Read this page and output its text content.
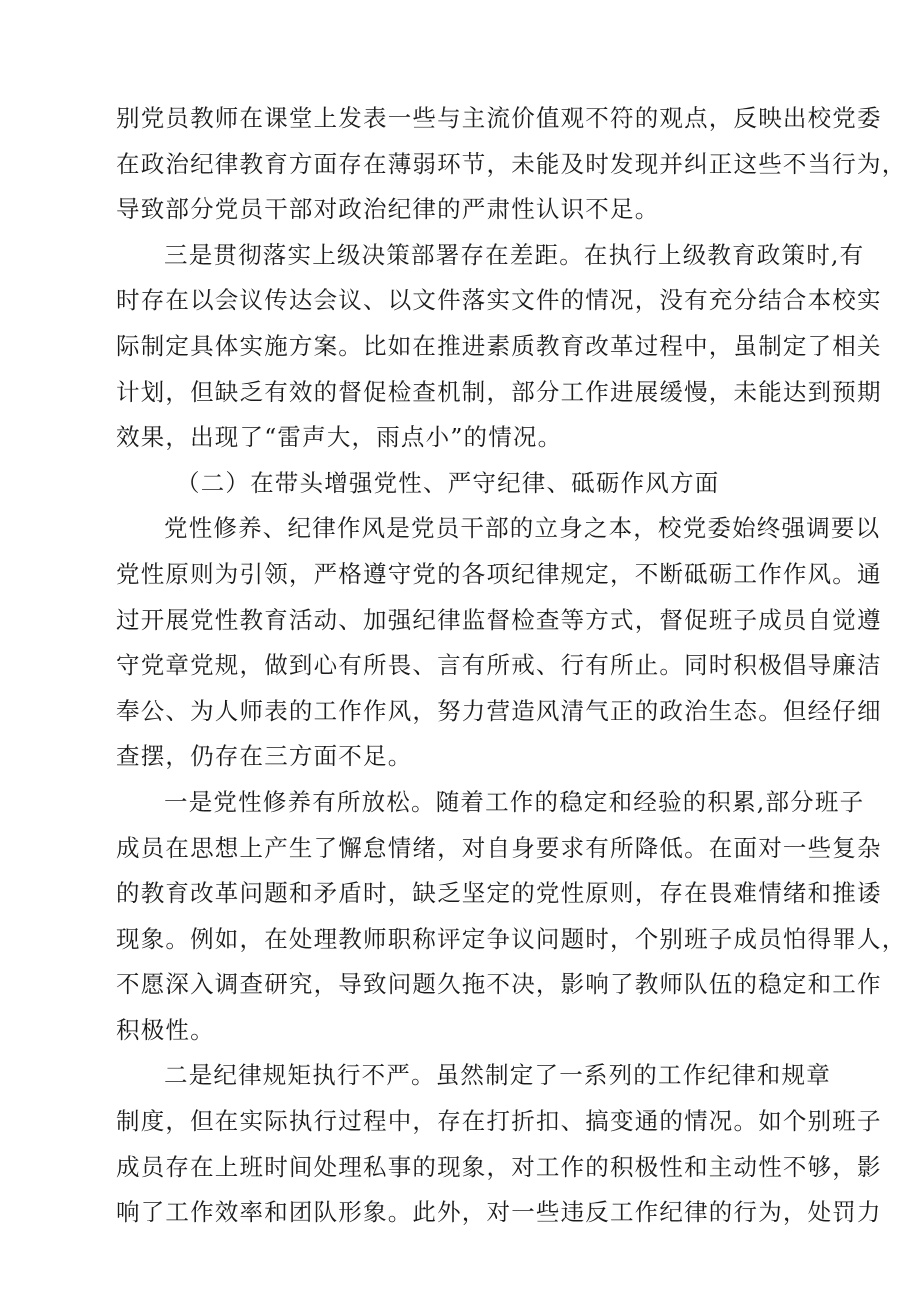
别党员教师在课堂上发表一些与主流价值观不符的观点，反映出校党委
在政治纪律教育方面存在薄弱环节，未能及时发现并纠正这些不当行为，
导致部分党员干部对政治纪律的严肃性认识不足。
三是贯彻落实上级决策部署存在差距。在执行上级教育政策时,有
时存在以会议传达会议、以文件落实文件的情况，没有充分结合本校实
际制定具体实施方案。比如在推进素质教育改革过程中，虽制定了相关
计划，但缺乏有效的督促检查机制，部分工作进展缓慢，未能达到预期
效果，出现了“雷声大，雨点小”的情况。
（二）在带头增强党性、严守纪律、砥砺作风方面
党性修养、纪律作风是党员干部的立身之本，校党委始终强调要以
党性原则为引领，严格遵守党的各项纪律规定，不断砥砺工作作风。通
过开展党性教育活动、加强纪律监督检查等方式，督促班子成员自觉遵
守党章党规，做到心有所畏、言有所戒、行有所止。同时积极倡导廉洁
奉公、为人师表的工作作风，努力营造风清气正的政治生态。但经仔细
查摆，仍存在三方面不足。
一是党性修养有所放松。随着工作的稳定和经验的积累,部分班子
成员在思想上产生了懈怠情绪，对自身要求有所降低。在面对一些复杂
的教育改革问题和矛盾时，缺乏坚定的党性原则，存在畏难情绪和推诿
现象。例如，在处理教师职称评定争议问题时，个别班子成员怕得罪人，
不愿深入调查研究，导致问题久拖不决，影响了教师队伍的稳定和工作
积极性。
二是纪律规矩执行不严。虽然制定了一系列的工作纪律和规章
制度，但在实际执行过程中，存在打折扣、搞变通的情况。如个别班子
成员存在上班时间处理私事的现象，对工作的积极性和主动性不够，影
响了工作效率和团队形象。此外，对一些违反工作纪律的行为，处罚力
